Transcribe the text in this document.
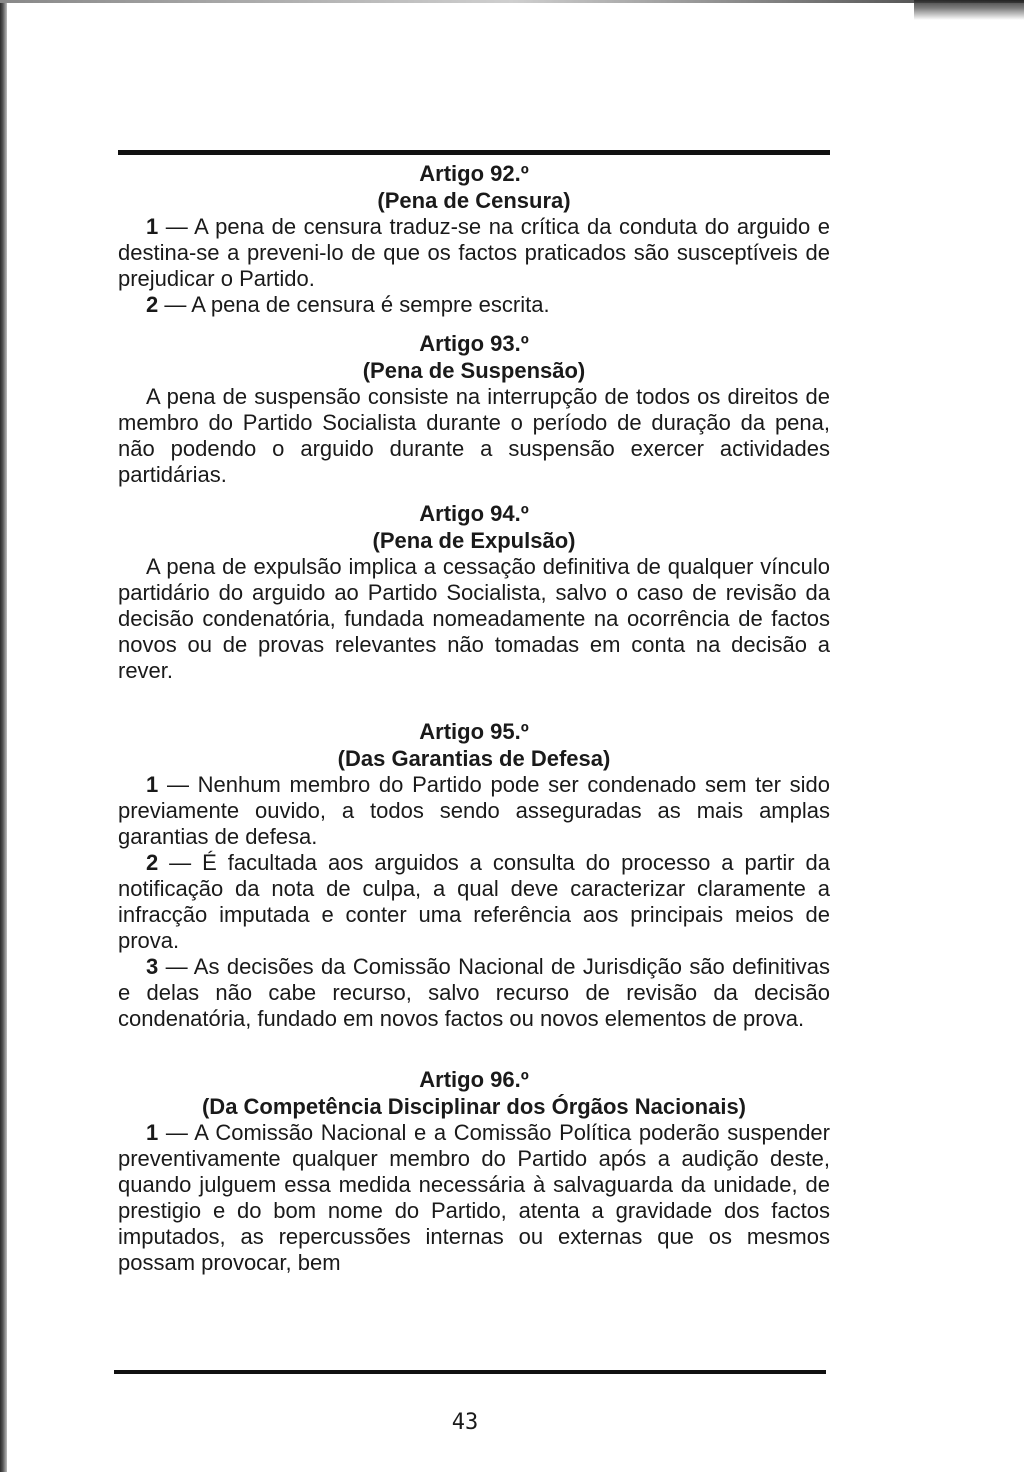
Artigo 92.º
(Pena de Censura)
1 — A pena de censura traduz-se na crítica da conduta do arguido e destina-se a preveni-lo de que os factos praticados são susceptíveis de prejudicar o Partido.
2 — A pena de censura é sempre escrita.
Artigo 93.º
(Pena de Suspensão)
A pena de suspensão consiste na interrupção de todos os direitos de membro do Partido Socialista durante o período de duração da pena, não podendo o arguido durante a suspensão exercer actividades partidárias.
Artigo 94.º
(Pena de Expulsão)
A pena de expulsão implica a cessação definitiva de qualquer vínculo partidário do arguido ao Partido Socialista, salvo o caso de revisão da decisão condenatória, fundada nomeadamente na ocorrência de factos novos ou de provas relevantes não tomadas em conta na decisão a rever.
Artigo 95.º
(Das Garantias de Defesa)
1 — Nenhum membro do Partido pode ser condenado sem ter sido previamente ouvido, a todos sendo asseguradas as mais amplas garantias de defesa.
2 — É facultada aos arguidos a consulta do processo a partir da notificação da nota de culpa, a qual deve caracterizar claramente a infracção imputada e conter uma referência aos principais meios de prova.
3 — As decisões da Comissão Nacional de Jurisdição são definitivas e delas não cabe recurso, salvo recurso de revisão da decisão condenatória, fundado em novos factos ou novos elementos de prova.
Artigo 96.º
(Da Competência Disciplinar dos Órgãos Nacionais)
1 — A Comissão Nacional e a Comissão Política poderão suspender preventivamente qualquer membro do Partido após a audição deste, quando julguem essa medida necessária à salvaguarda da unidade, de prestigio e do bom nome do Partido, atenta a gravidade dos factos imputados, as repercussões internas ou externas que os mesmos possam provocar, bem
43
